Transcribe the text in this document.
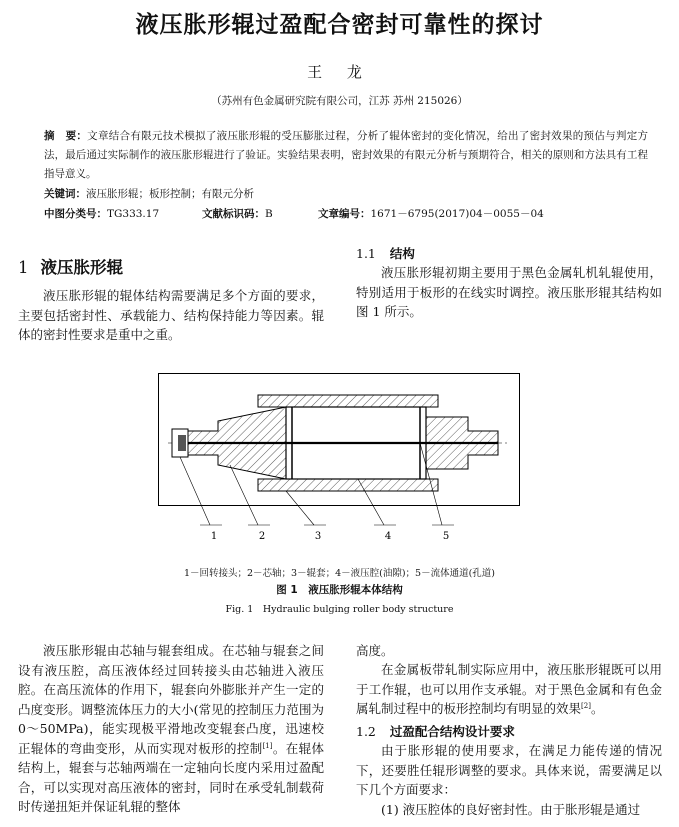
液压胀形辊过盈配合密封可靠性的探讨
王 龙
（苏州有色金属研究院有限公司，江苏 苏州 215026）
摘　要：文章结合有限元技术模拟了液压胀形辊的受压膨胀过程，分析了辊体密封的变化情况，给出了密封效果的预估与判定方法，最后通过实际制作的液压胀形辊进行了验证。实验结果表明，密封效果的有限元分析与预期符合，相关的原则和方法具有工程指导意义。
关键词：液压胀形辊；板形控制；有限元分析
中图分类号：TG333.17	文献标识码：B	文章编号：1671－6795(2017)04－0055－04
1 液压胀形辊
液压胀形辊的辊体结构需要满足多个方面的要求，主要包括密封性、承载能力、结构保持能力等因素。辊体的密封性要求是重中之重。
1.1 结构
液压胀形辊初期主要用于黑色金属轧机轧辊使用，特别适用于板形的在线实时调控。液压胀形辊其结构如图 1 所示。
1	2	3	4	5
1－回转接头；2－芯轴；3－辊套；4－液压腔(油隙)；5－流体通道(孔道)
图 1　液压胀形辊本体结构
Fig. 1　Hydraulic bulging roller body structure
液压胀形辊由芯轴与辊套组成。在芯轴与辊套之间设有液压腔，高压液体经过回转接头由芯轴进入液压腔。在高压流体的作用下，辊套向外膨胀并产生一定的凸度变形。调整流体压力的大小(常见的控制压力范围为 0～50MPa)，能实现极平滑地改变辊套凸度，迅速校正辊体的弯曲变形，从而实现对板形的控制[1]。在辊体结构上，辊套与芯轴两端在一定轴向长度内采用过盈配合，可以实现对高压液体的密封，同时在承受轧制载荷时传递扭矩并保证轧辊的整体
高度。
在金属板带轧制实际应用中，液压胀形辊既可以用于工作辊，也可以用作支承辊。对于黑色金属和有色金属轧制过程中的板形控制均有明显的效果[2]。
1.2 过盈配合结构设计要求
由于胀形辊的使用要求，在满足力能传递的情况下，还要胜任辊形调整的要求。具体来说，需要满足以下几个方面要求：
(1) 液压腔体的良好密封性。由于胀形辊是通过
